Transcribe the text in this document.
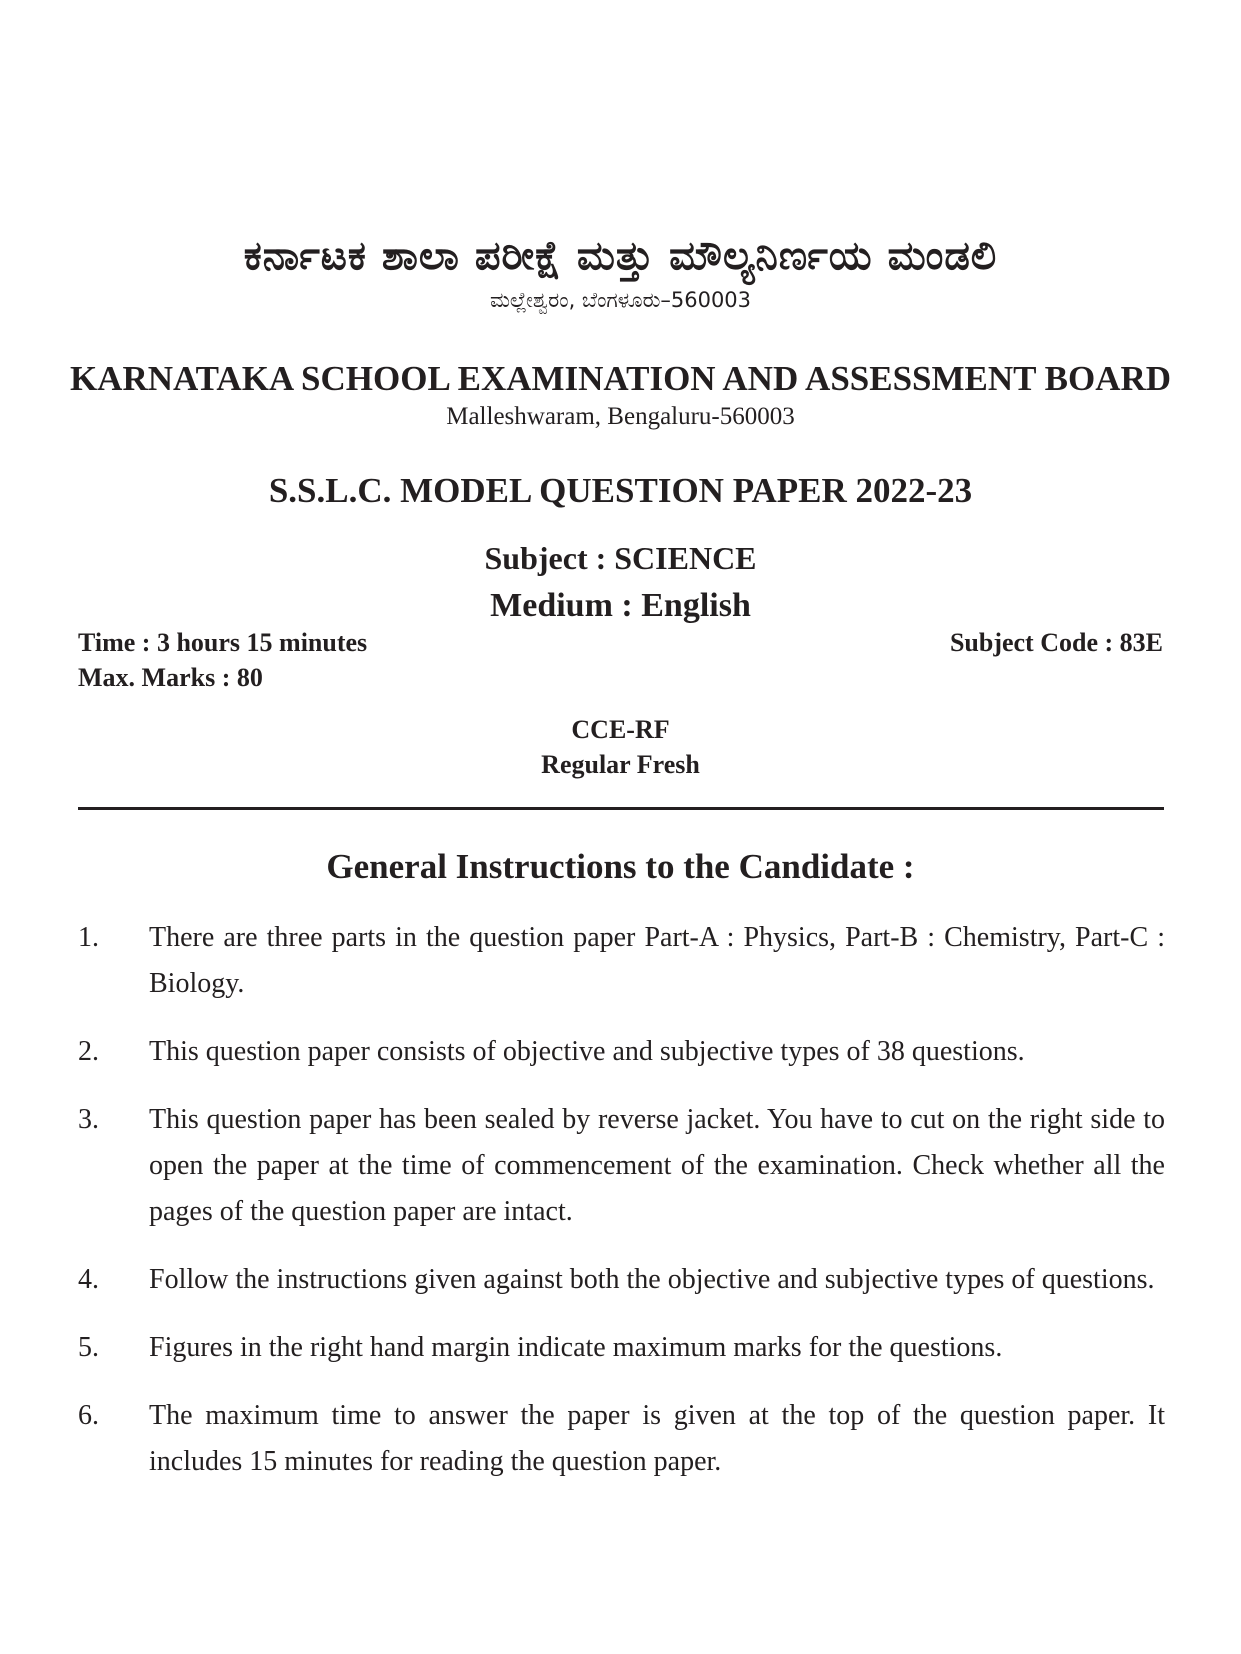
ಕರ್ನಾಟಕ ಶಾಲಾ ಪರೀಕ್ಷೆ ಮತ್ತು ಮೌಲ್ಯನಿರ್ಣಯ ಮಂಡಲಿ
ಮಲ್ಲೇಶ್ವರಂ, ಬೆಂಗಳೂರು–560003
KARNATAKA SCHOOL EXAMINATION AND ASSESSMENT BOARD
Malleshwaram, Bengaluru-560003
S.S.L.C. MODEL QUESTION PAPER 2022-23
Subject : SCIENCE
Medium : English
Time : 3 hours 15 minutes
Max. Marks : 80
Subject Code : 83E
CCE-RF
Regular Fresh
General Instructions to the Candidate :
1.	There are three parts in the question paper Part-A : Physics, Part-B : Chemistry, Part-C : Biology.
2.	This question paper consists of objective and subjective types of 38 questions.
3.	This question paper has been sealed by reverse jacket. You have to cut on the right side to open the paper at the time of commencement of the examination. Check whether all the pages of the question paper are intact.
4.	Follow the instructions given against both the objective and subjective types of questions.
5.	Figures in the right hand margin indicate maximum marks for the questions.
6.	The maximum time to answer the paper is given at the top of the question paper. It includes 15 minutes for reading the question paper.
